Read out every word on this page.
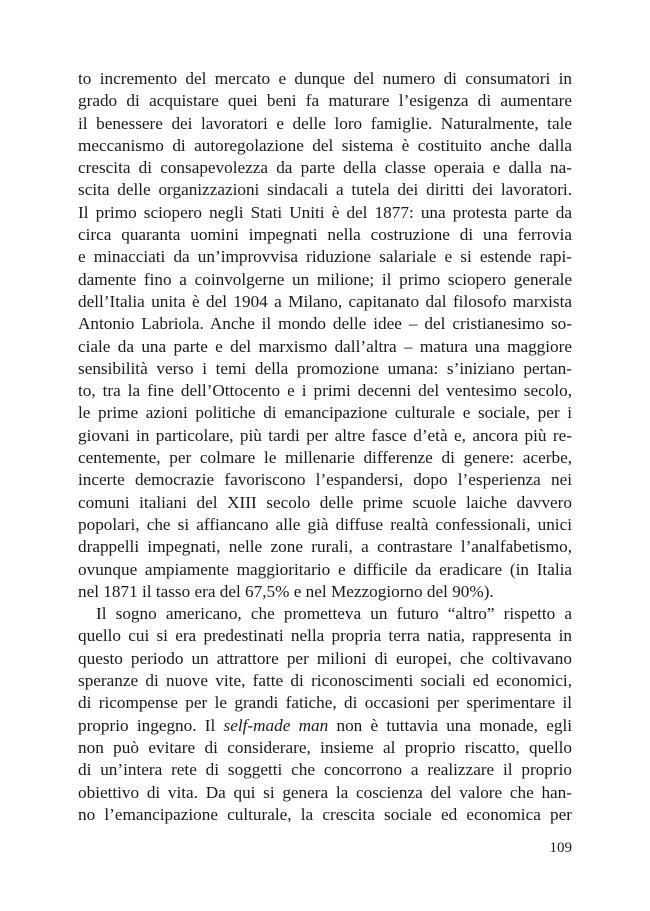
to incremento del mercato e dunque del numero di consumatori in
grado di acquistare quei beni fa maturare l’esigenza di aumentare
il benessere dei lavoratori e delle loro famiglie. Naturalmente, tale
meccanismo di autoregolazione del sistema è costituito anche dalla
crescita di consapevolezza da parte della classe operaia e dalla na-
scita delle organizzazioni sindacali a tutela dei diritti dei lavoratori.
Il primo sciopero negli Stati Uniti è del 1877: una protesta parte da
circa quaranta uomini impegnati nella costruzione di una ferrovia
e minacciati da un’improvvisa riduzione salariale e si estende rapi-
damente fino a coinvolgerne un milione; il primo sciopero generale
dell’Italia unita è del 1904 a Milano, capitanato dal filosofo marxista
Antonio Labriola. Anche il mondo delle idee – del cristianesimo so-
ciale da una parte e del marxismo dall’altra – matura una maggiore
sensibilità verso i temi della promozione umana: s’iniziano pertan-
to, tra la fine dell’Ottocento e i primi decenni del ventesimo secolo,
le prime azioni politiche di emancipazione culturale e sociale, per i
giovani in particolare, più tardi per altre fasce d’età e, ancora più re-
centemente, per colmare le millenarie differenze di genere: acerbe,
incerte democrazie favoriscono l’espandersi, dopo l’esperienza nei
comuni italiani del XIII secolo delle prime scuole laiche davvero
popolari, che si affiancano alle già diffuse realtà confessionali, unici
drappelli impegnati, nelle zone rurali, a contrastare l’analfabetismo,
ovunque ampiamente maggioritario e difficile da eradicare (in Italia
nel 1871 il tasso era del 67,5% e nel Mezzogiorno del 90%).
Il sogno americano, che prometteva un futuro “altro” rispetto a
quello cui si era predestinati nella propria terra natia, rappresenta in
questo periodo un attrattore per milioni di europei, che coltivavano
speranze di nuove vite, fatte di riconoscimenti sociali ed economici,
di ricompense per le grandi fatiche, di occasioni per sperimentare il
proprio ingegno. Il self-made man non è tuttavia una monade, egli
non può evitare di considerare, insieme al proprio riscatto, quello
di un’intera rete di soggetti che concorrono a realizzare il proprio
obiettivo di vita. Da qui si genera la coscienza del valore che han-
no l’emancipazione culturale, la crescita sociale ed economica per
109
